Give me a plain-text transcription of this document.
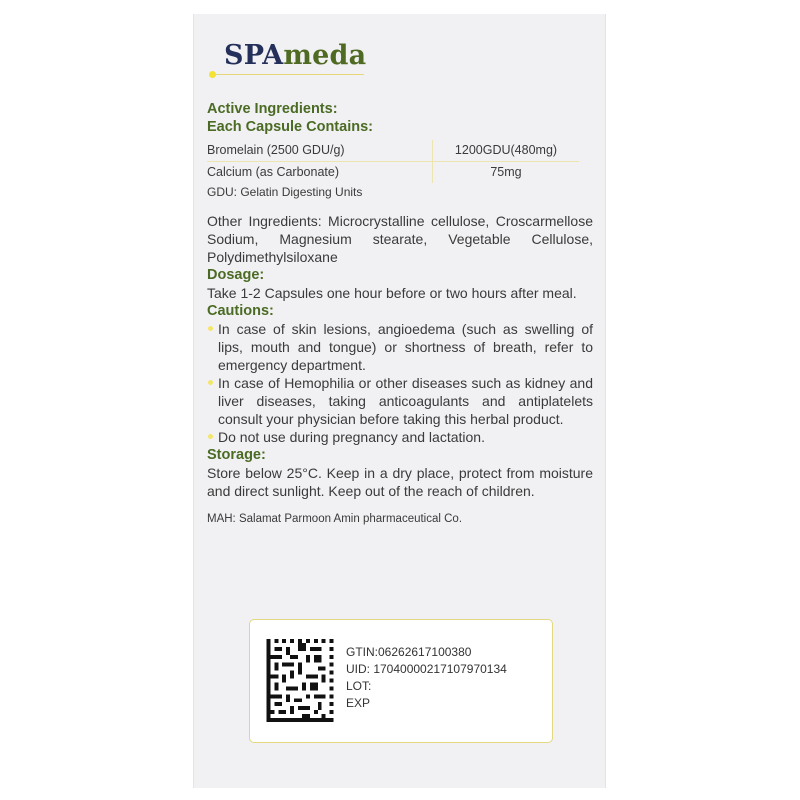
SPAmeda
Active Ingredients:
Each Capsule Contains:
Bromelain (2500 GDU/g)	1200GDU(480mg)
Calcium (as Carbonate)	75mg
GDU: Gelatin Digesting Units
Other Ingredients: Microcrystalline cellulose, Croscarmellose Sodium, Magnesium stearate, Vegetable Cellulose, Polydimethylsiloxane
Dosage:
Take 1-2 Capsules one hour before or two hours after meal.
Cautions:
In case of skin lesions, angioedema (such as swelling of lips, mouth and tongue) or shortness of breath, refer to emergency department.
In case of Hemophilia or other diseases such as kidney and liver diseases, taking anticoagulants and antiplatelets consult your physician before taking this herbal product.
Do not use during pregnancy and lactation.
Storage:
Store below 25°C. Keep in a dry place, protect from moisture and direct sunlight. Keep out of the reach of children.
MAH: Salamat Parmoon Amin pharmaceutical Co.
GTIN:06262617100380
UID: 17040000217107970134
LOT:
EXP
